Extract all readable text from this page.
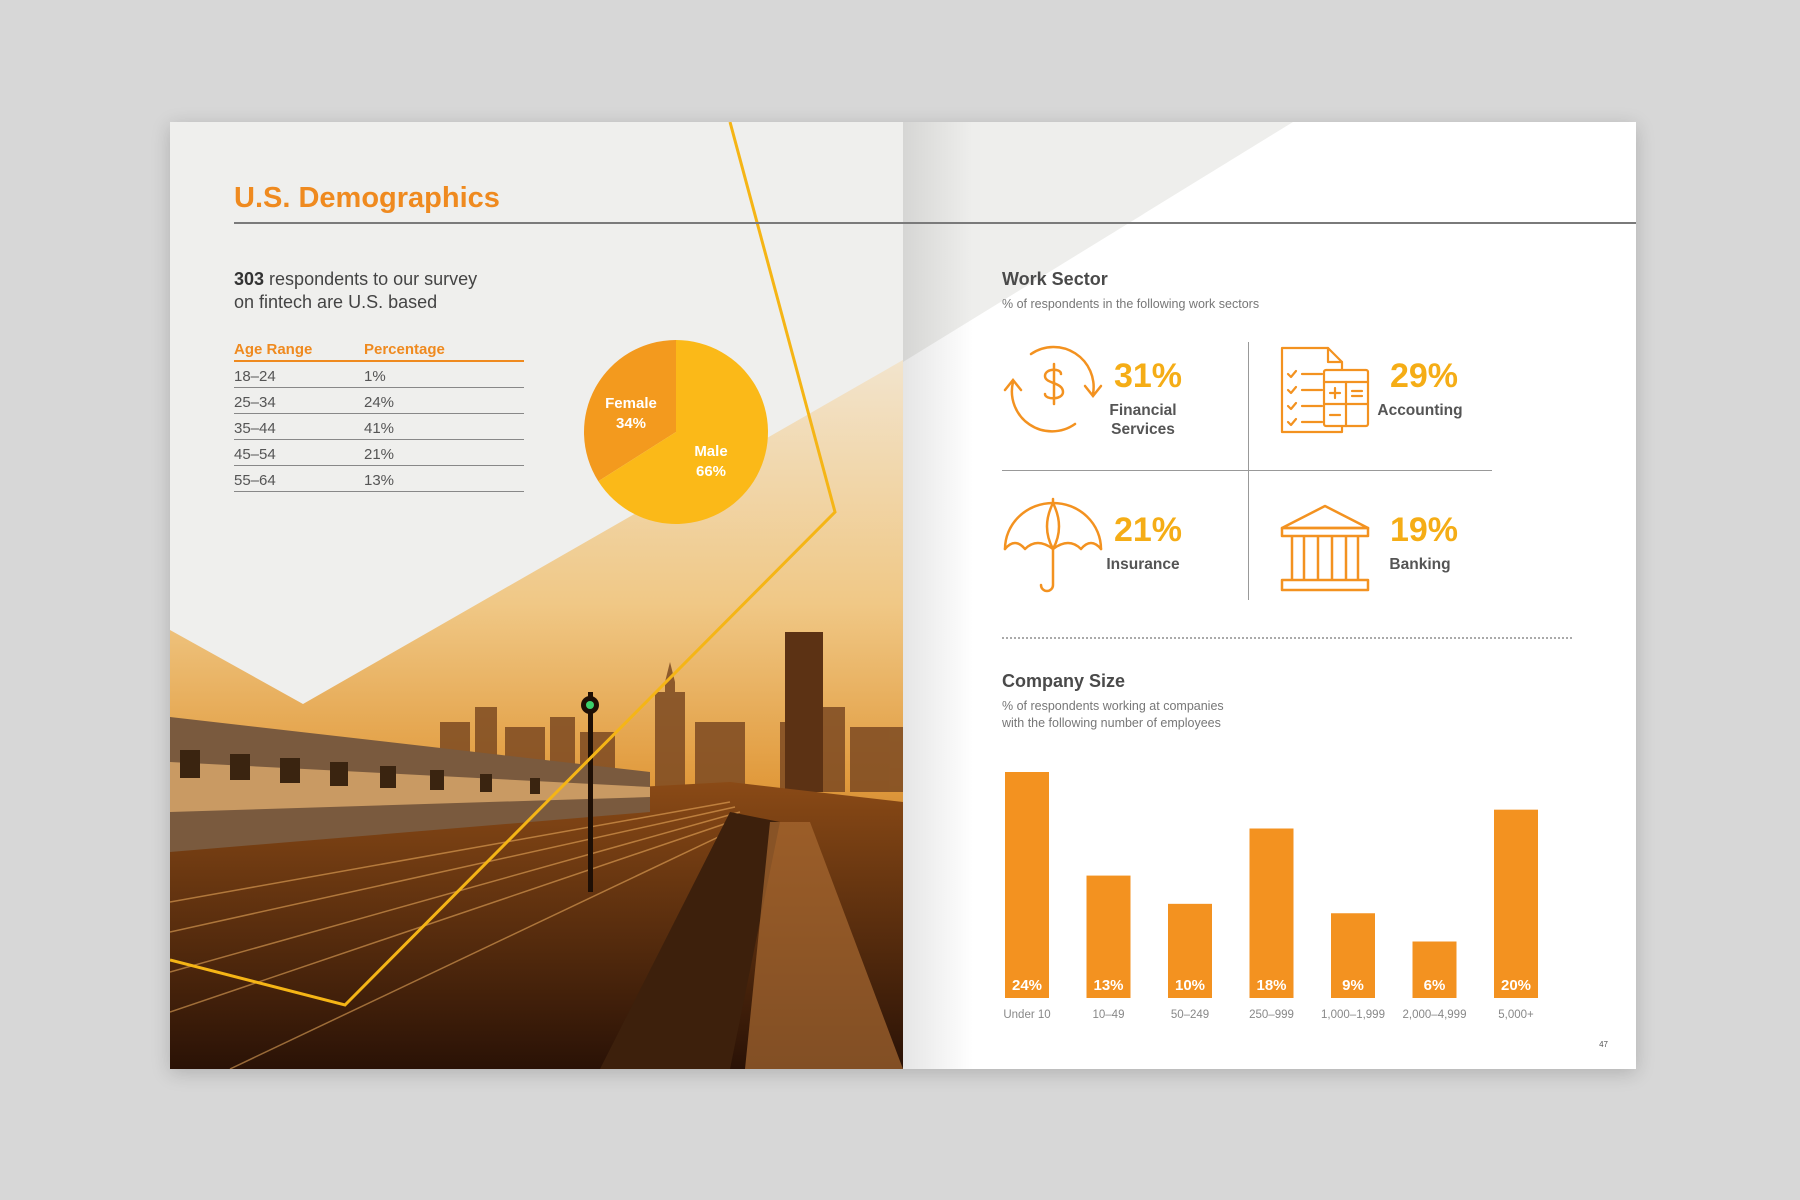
U.S. Demographics
303 respondents to our survey
on fintech are U.S. based
Age Range	Percentage
18–24	1%
25–34	24%
35–44	41%
45–54	21%
55–64	13%
Female
34%
Male
66%
Work Sector
% of respondents in the following work sectors
31%
Financial
Services
29%
Accounting
21%
Insurance
19%
Banking
Company Size
% of respondents working at companies
with the following number of employees
24%
Under 10
13%
10–49
10%
50–249
18%
250–999
9%
1,000–1,999
6%
2,000–4,999
20%
5,000+
47
